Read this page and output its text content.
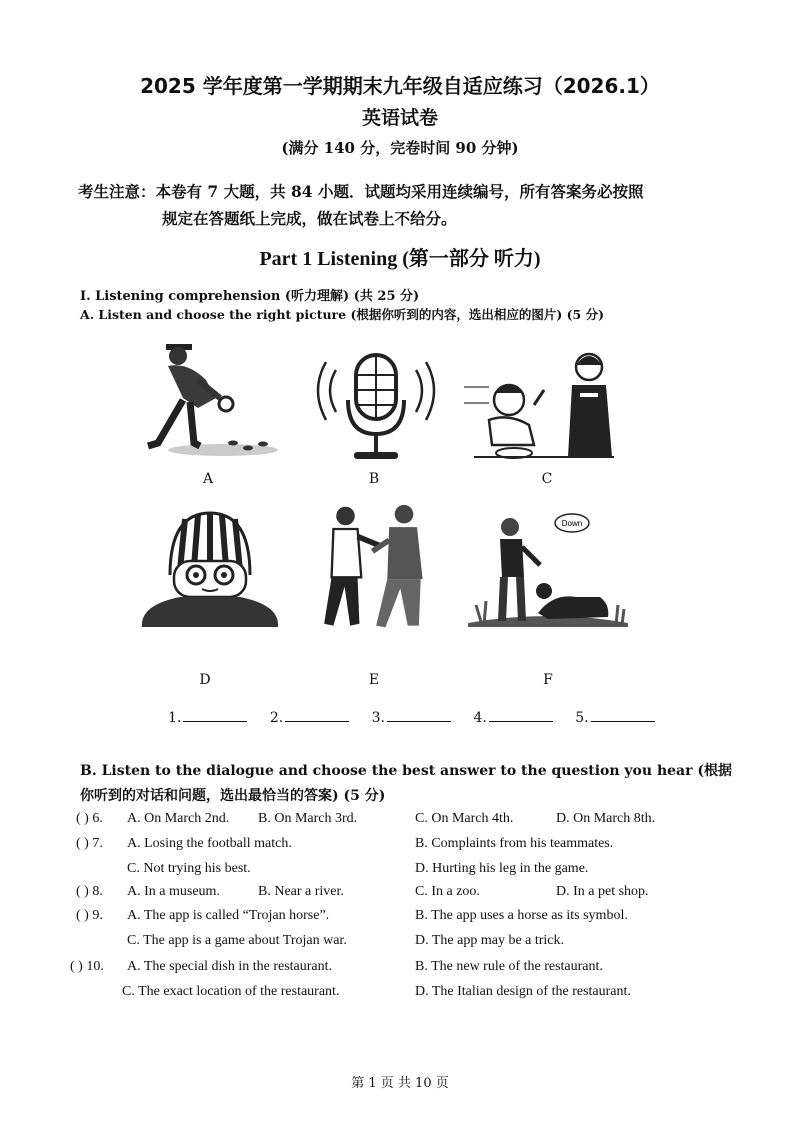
2025 学年度第一学期期末九年级自适应练习（2026.1）
英语试卷
(满分 140 分，完卷时间 90 分钟)
考生注意：本卷有 7 大题，共 84 小题．试题均采用连续编号，所有答案务必按照
规定在答题纸上完成，做在试卷上不给分。
Part 1 Listening (第一部分 听力)
I. Listening comprehension (听力理解) (共 25 分)
A. Listen and choose the right picture (根据你听到的内容，选出相应的图片) (5 分)
A	B	C
D	E
Down
F
1.	2.	3.	4.	5.
B. Listen to the dialogue and choose the best answer to the question you hear (根据你听到的对话和问题，选出最恰当的答案) (5 分)
( ) 6. A. On March 2nd. B. On March 3rd.	C. On March 4th.	D. On March 8th.
( ) 7. A. Losing the football match.	B. Complaints from his teammates.
C. Not trying his best.	D. Hurting his leg in the game.
( ) 8. A. In a museum.	B. Near a river.	C. In a zoo.	D. In a pet shop.
( ) 9. A. The app is called “Trojan horse”.	B. The app uses a horse as its symbol.
C. The app is a game about Trojan war.	D. The app may be a trick.
( ) 10. A. The special dish in the restaurant.	B. The new rule of the restaurant.
C. The exact location of the restaurant.	D. The Italian design of the restaurant.
第 1 页 共 10 页
